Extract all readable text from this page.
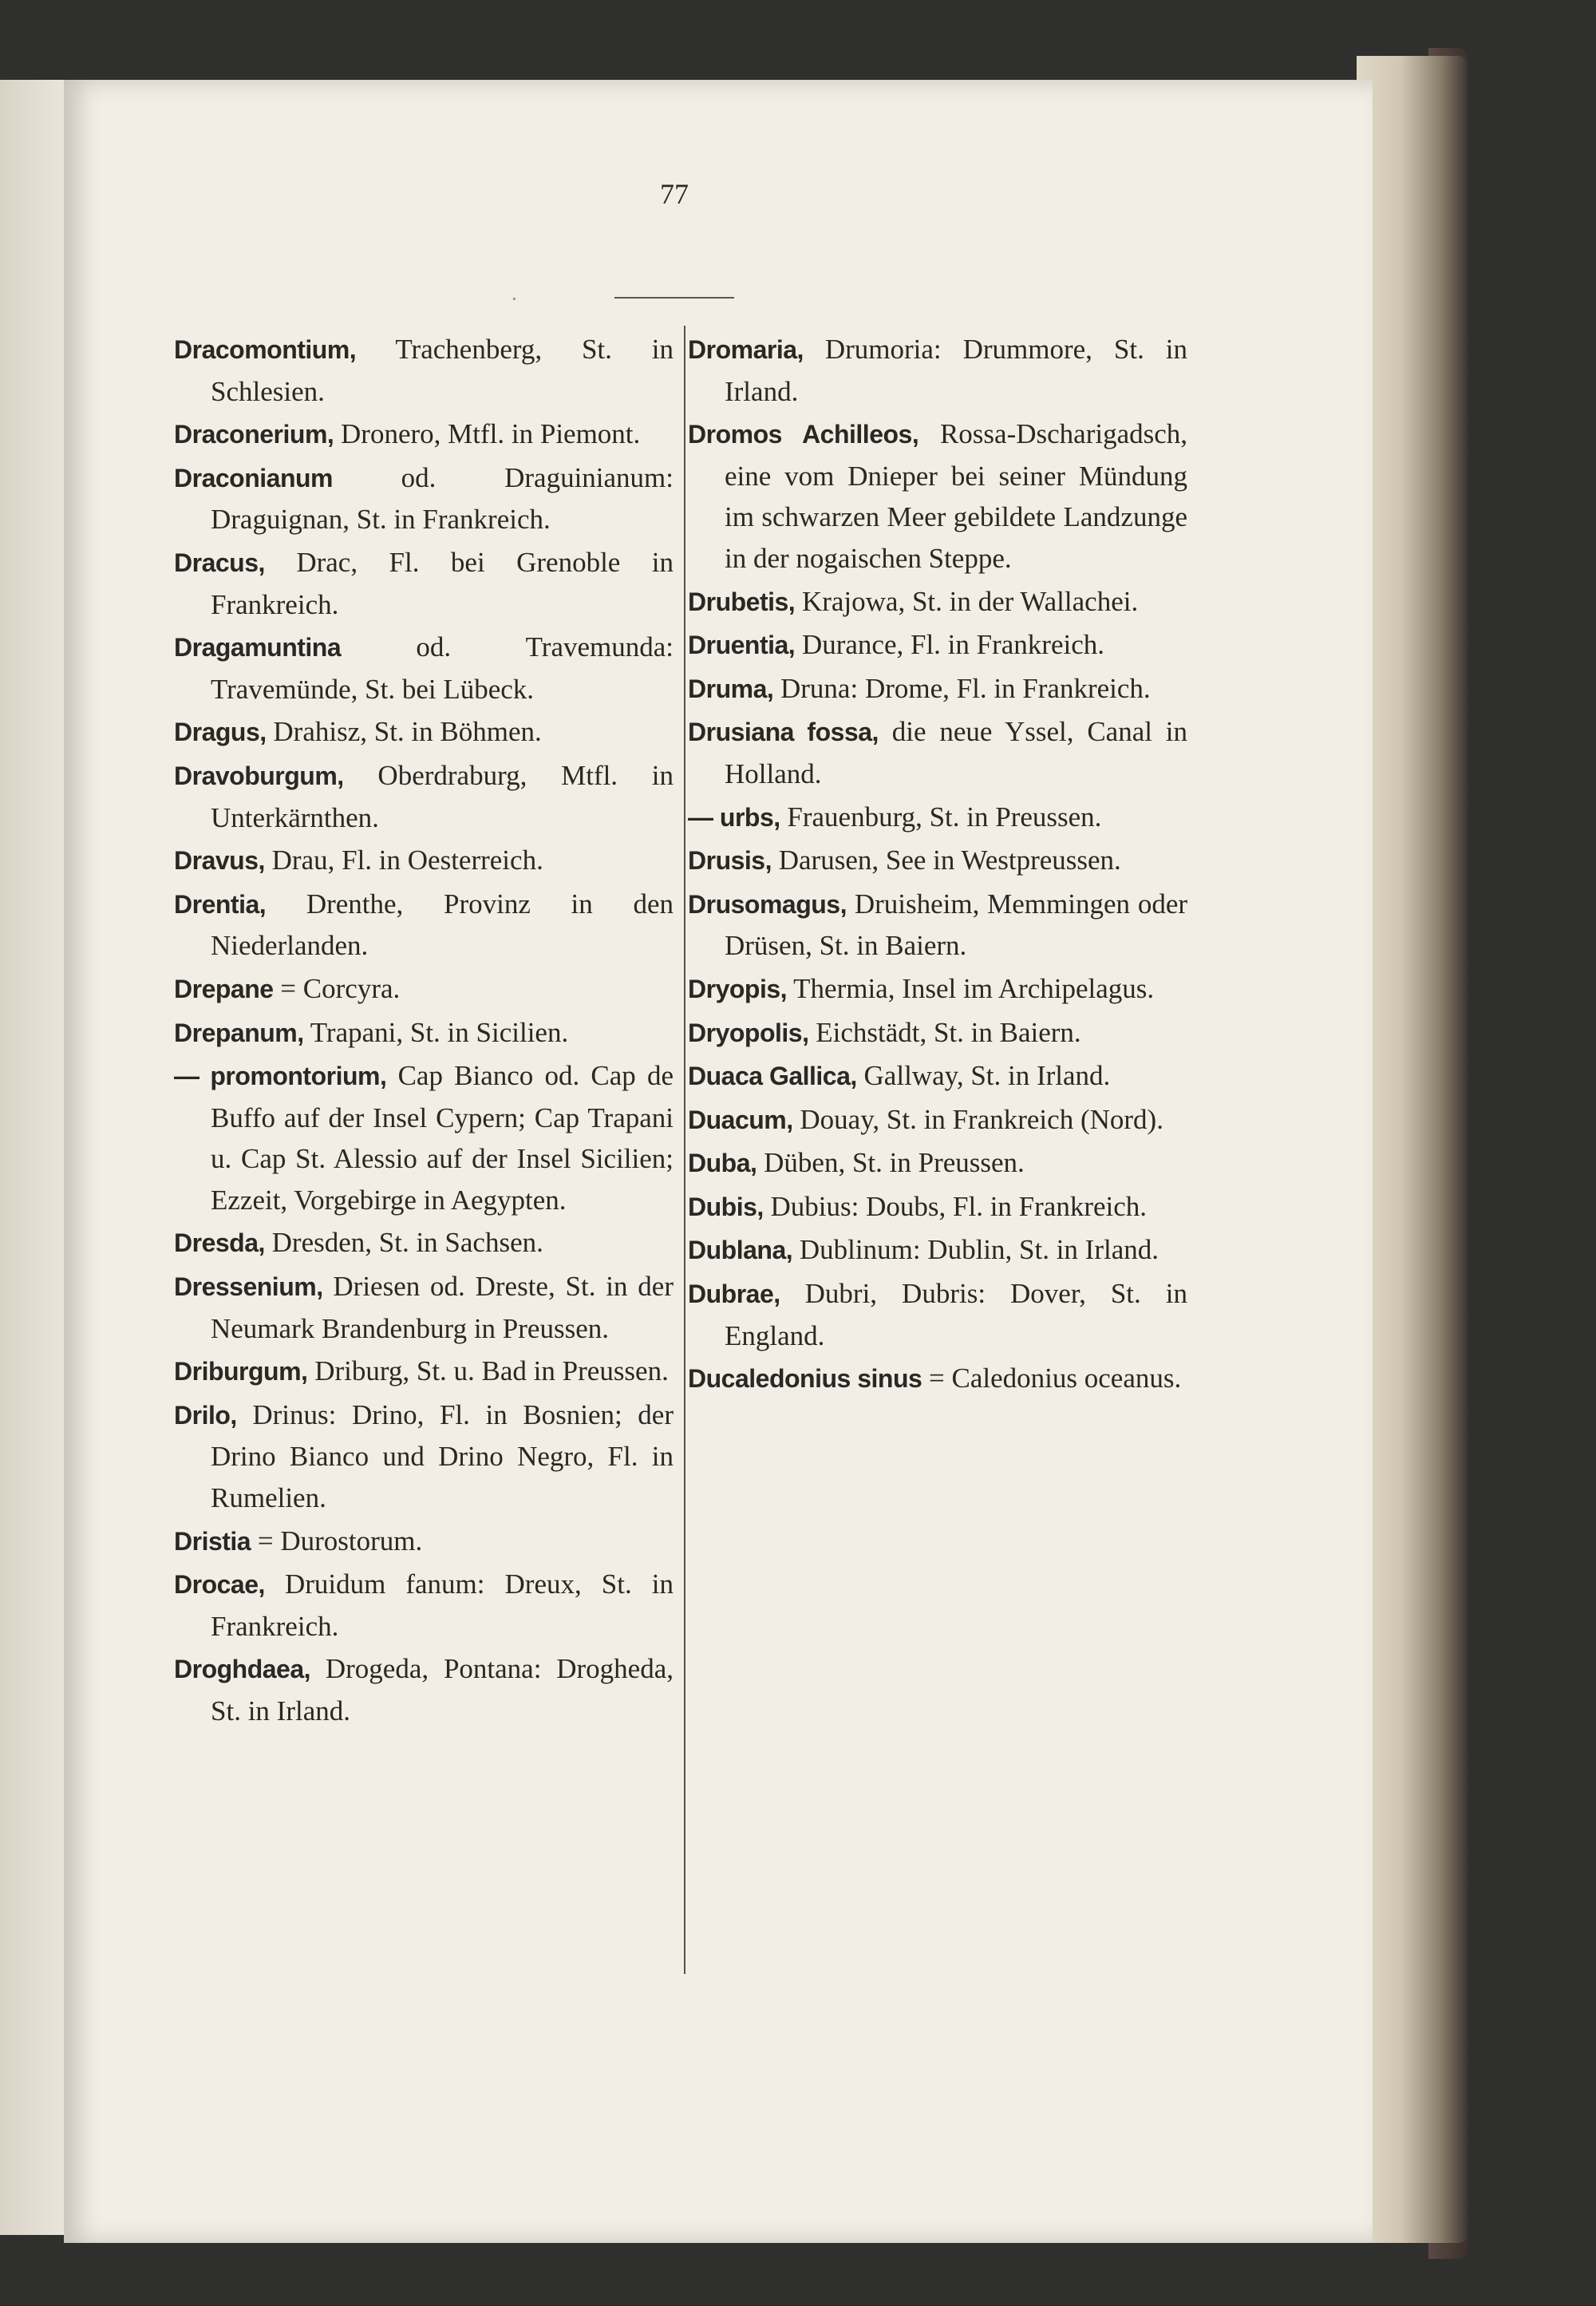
77
·

Dracomontium, Trachenberg, St. in Schlesien.

Draconerium, Dronero, Mtfl. in Piemont.

Draconianum od. Draguinianum: Draguignan, St. in Frankreich.

Dracus, Drac, Fl. bei Grenoble in Frankreich.

Dragamuntina	od. Travemunda: Travemünde, St. bei Lübeck.

Dragus, Drahisz, St. in Böhmen.

Dravoburgum, Oberdraburg, Mtfl. in Unterkärnthen.

Dravus, Drau, Fl. in Oesterreich.

Drentia, Drenthe, Provinz in den Niederlanden.

Drepane = Corcyra.

Drepanum, Trapani, St. in Sicilien.

— promontorium, Cap Bianco od. Cap de Buffo auf der Insel Cypern; Cap Trapani u. Cap St. Alessio auf der Insel Sicilien; Ezzeit, Vorgebirge in Aegypten.

Dresda, Dresden, St. in Sachsen.

Dressenium, Driesen od. Dreste, St. in der Neumark Brandenburg in Preussen.

Driburgum, Driburg, St. u. Bad in Preussen.

Drilo, Drinus: Drino, Fl. in Bosnien; der Drino Bianco und Drino Negro, Fl. in Rumelien.

Dristia = Durostorum.

Drocae, Druidum fanum: Dreux, St. in Frankreich.

Droghdaea, Drogeda, Pontana: Drogheda, St. in Irland.

Dromaria, Drumoria: Drummore, St. in Irland.

Dromos Achilleos, Rossa-Dscharigadsch, eine vom Dnieper bei seiner Mündung im schwarzen Meer gebildete Landzunge in der nogaischen Steppe.

Drubetis, Krajowa, St. in der Wallachei.

Druentia, Durance, Fl. in Frankreich.

Druma, Druna: Drome, Fl. in Frankreich.

Drusiana fossa, die neue Yssel, Canal in Holland.

— urbs, Frauenburg, St. in Preussen.

Drusis, Darusen, See in Westpreussen.

Drusomagus, Druisheim, Memmingen oder Drüsen, St. in Baiern.

Dryopis, Thermia, Insel im Archipelagus.

Dryopolis, Eichstädt, St. in Baiern.

Duaca Gallica, Gallway, St. in Irland.

Duacum, Douay, St. in Frankreich (Nord).

Duba, Düben, St. in Preussen.

Dubis, Dubius: Doubs, Fl. in Frankreich.

Dublana, Dublinum: Dublin, St. in Irland.

Dubrae, Dubri, Dubris: Dover, St. in England.

Ducaledonius sinus = Caledonius oceanus.
